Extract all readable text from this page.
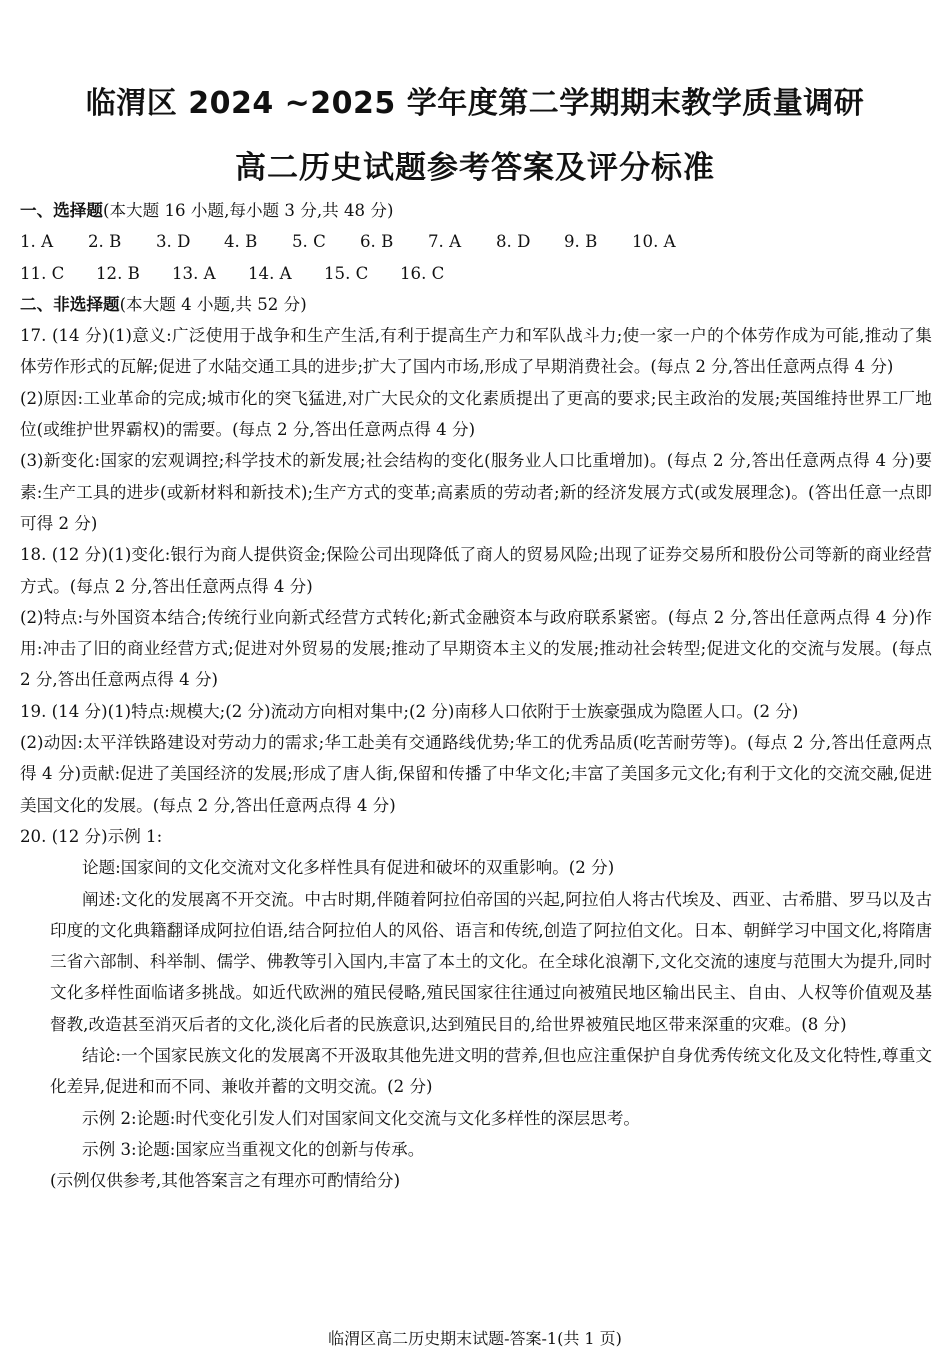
临渭区 2024 ~2025 学年度第二学期期末教学质量调研
高二历史试题参考答案及评分标准
一、选择题(本大题 16 小题,每小题 3 分,共 48 分)
1. A 2. B 3. D 4. B 5. C 6. B 7. A 8. D 9. B 10. A
11. C 12. B 13. A 14. A 15. C 16. C
二、非选择题(本大题 4 小题,共 52 分)
17. (14 分)(1)意义:广泛使用于战争和生产生活,有利于提高生产力和军队战斗力;使一家一户的个体劳作成为可能,推动了集体劳作形式的瓦解;促进了水陆交通工具的进步;扩大了国内市场,形成了早期消费社会。(每点 2 分,答出任意两点得 4 分)
(2)原因:工业革命的完成;城市化的突飞猛进,对广大民众的文化素质提出了更高的要求;民主政治的发展;英国维持世界工厂地位(或维护世界霸权)的需要。(每点 2 分,答出任意两点得 4 分)
(3)新变化:国家的宏观调控;科学技术的新发展;社会结构的变化(服务业人口比重增加)。(每点 2 分,答出任意两点得 4 分)要素:生产工具的进步(或新材料和新技术);生产方式的变革;高素质的劳动者;新的经济发展方式(或发展理念)。(答出任意一点即可得 2 分)
18. (12 分)(1)变化:银行为商人提供资金;保险公司出现降低了商人的贸易风险;出现了证券交易所和股份公司等新的商业经营方式。(每点 2 分,答出任意两点得 4 分)
(2)特点:与外国资本结合;传统行业向新式经营方式转化;新式金融资本与政府联系紧密。(每点 2 分,答出任意两点得 4 分)作用:冲击了旧的商业经营方式;促进对外贸易的发展;推动了早期资本主义的发展;推动社会转型;促进文化的交流与发展。(每点 2 分,答出任意两点得 4 分)
19. (14 分)(1)特点:规模大;(2 分)流动方向相对集中;(2 分)南移人口依附于士族豪强成为隐匿人口。(2 分)
(2)动因:太平洋铁路建设对劳动力的需求;华工赴美有交通路线优势;华工的优秀品质(吃苦耐劳等)。(每点 2 分,答出任意两点得 4 分)贡献:促进了美国经济的发展;形成了唐人街,保留和传播了中华文化;丰富了美国多元文化;有利于文化的交流交融,促进美国文化的发展。(每点 2 分,答出任意两点得 4 分)
20. (12 分)示例 1:
论题:国家间的文化交流对文化多样性具有促进和破坏的双重影响。(2 分)
阐述:文化的发展离不开交流。中古时期,伴随着阿拉伯帝国的兴起,阿拉伯人将古代埃及、西亚、古希腊、罗马以及古印度的文化典籍翻译成阿拉伯语,结合阿拉伯人的风俗、语言和传统,创造了阿拉伯文化。日本、朝鲜学习中国文化,将隋唐三省六部制、科举制、儒学、佛教等引入国内,丰富了本土的文化。在全球化浪潮下,文化交流的速度与范围大为提升,同时文化多样性面临诸多挑战。如近代欧洲的殖民侵略,殖民国家往往通过向被殖民地区输出民主、自由、人权等价值观及基督教,改造甚至消灭后者的文化,淡化后者的民族意识,达到殖民目的,给世界被殖民地区带来深重的灾难。(8 分)
结论:一个国家民族文化的发展离不开汲取其他先进文明的营养,但也应注重保护自身优秀传统文化及文化特性,尊重文化差异,促进和而不同、兼收并蓄的文明交流。(2 分)
示例 2:论题:时代变化引发人们对国家间文化交流与文化多样性的深层思考。
示例 3:论题:国家应当重视文化的创新与传承。
(示例仅供参考,其他答案言之有理亦可酌情给分)
临渭区高二历史期末试题-答案-1(共 1 页)
